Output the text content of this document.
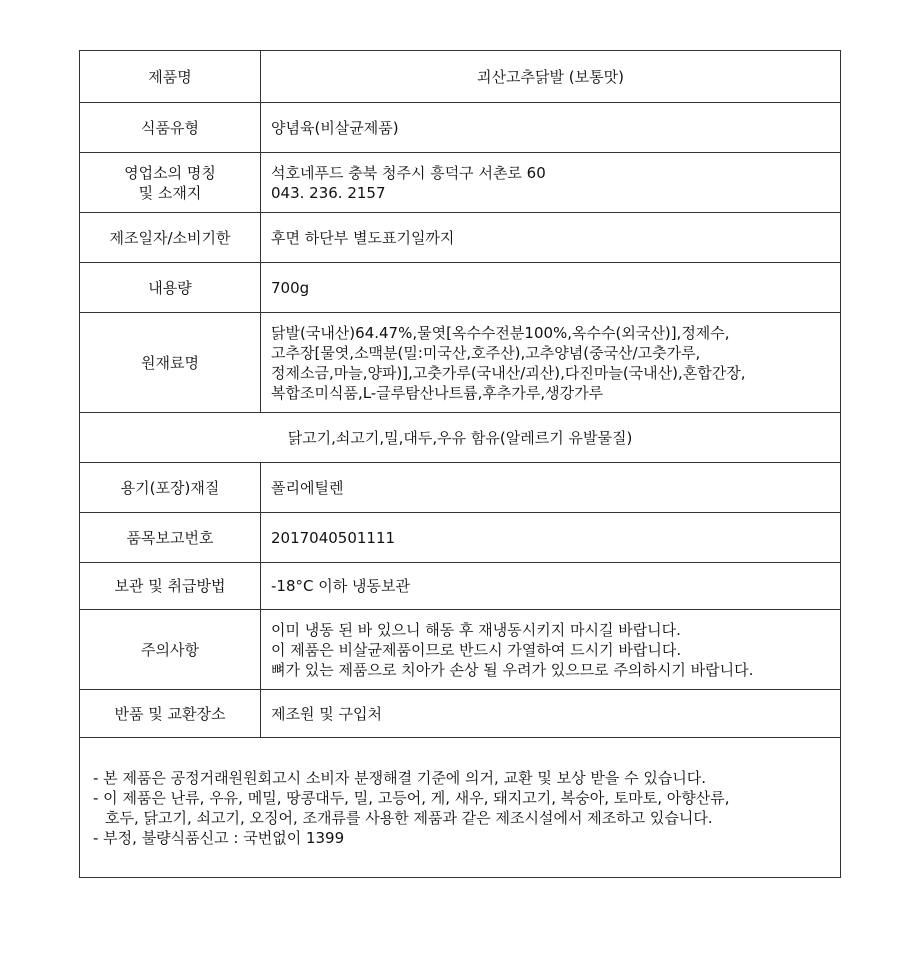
제품명	괴산고추닭발 (보통맛)
식품유형	양념육(비살균제품)

영업소의 명칭
및 소재지	석호네푸드 충북 청주시 흥덕구 서촌로 60
043. 236. 2157

제조일자/소비기한	후면 하단부 별도표기일까지
내용량	700g
원재료명	닭발(국내산)64.47%,물엿[옥수수전분100%,옥수수(외국산)],정제수,
고추장[물엿,소맥분(밀:미국산,호주산),고추양념(중국산/고춧가루,
정제소금,마늘,양파)],고춧가루(국내산/괴산),다진마늘(국내산),혼합간장,
복합조미식품,L-글루탐산나트륨,후추가루,생강가루

닭고기,쇠고기,밀,대두,우유 함유(알레르기 유발물질)	
용기(포장)재질	폴리에틸렌
품목보고번호	2017040501111
보관 및 취급방법	-18°C 이하 냉동보관
주의사항	이미 냉동 된 바 있으니 해동 후 재냉동시키지 마시길 바랍니다.
이 제품은 비살균제품이므로 반드시 가열하여 드시기 바랍니다.
뼈가 있는 제품으로 치아가 손상 될 우려가 있으므로 주의하시기 바랍니다.

반품 및 교환장소	제조원 및 구입처

- 본 제품은 공정거래원원회고시 소비자 분쟁해결 기준에 의거, 교환 및 보상 받을 수 있습니다.
- 이 제품은 난류, 우유, 메밀, 땅콩대두, 밀, 고등어, 게, 새우, 돼지고기, 복숭아, 토마토, 아향산류,
호두, 닭고기, 쇠고기, 오징어, 조개류를 사용한 제품과 같은 제조시설에서 제조하고 있습니다.
- 부정, 불량식품신고 : 국번없이 1399	
